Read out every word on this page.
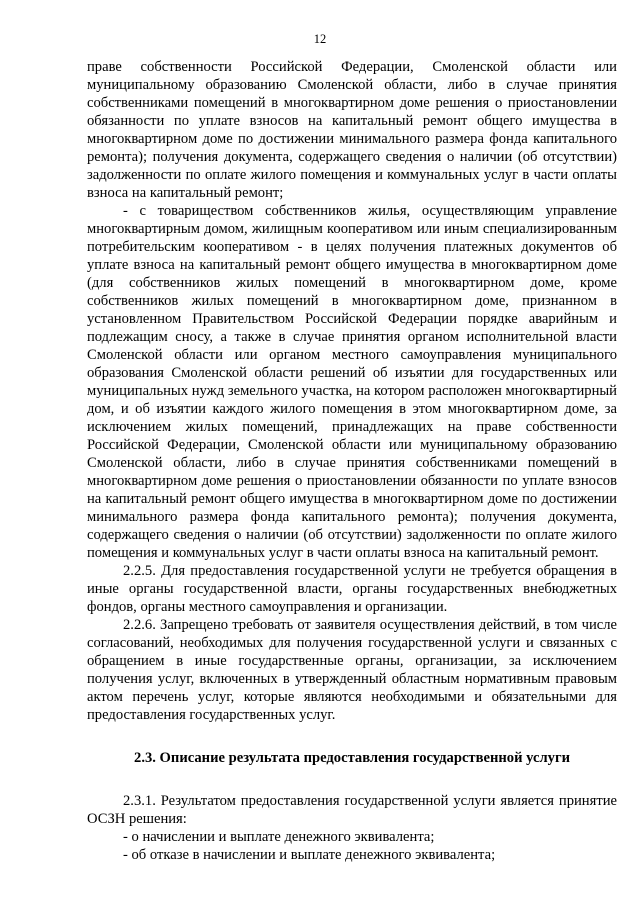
12

праве собственности Российской Федерации, Смоленской области или муниципальному образованию Смоленской области, либо в случае принятия собственниками помещений в многоквартирном доме решения о приостановлении обязанности по уплате взносов на капитальный ремонт общего имущества в многоквартирном доме по достижении минимального размера фонда капитального ремонта); получения документа, содержащего сведения о наличии (об отсутствии) задолженности по оплате жилого помещения и коммунальных услуг в части оплаты взноса на капитальный ремонт;

- с товариществом собственников жилья, осуществляющим управление многоквартирным домом, жилищным кооперативом или иным специализированным потребительским кооперативом - в целях получения платежных документов об уплате взноса на капитальный ремонт общего имущества в многоквартирном доме (для собственников жилых помещений в многоквартирном доме, кроме собственников жилых помещений в многоквартирном доме, признанном в установленном Правительством Российской Федерации порядке аварийным и подлежащим сносу, а также в случае принятия органом исполнительной власти Смоленской области или органом местного самоуправления муниципального образования Смоленской области решений об изъятии для государственных или муниципальных нужд земельного участка, на котором расположен многоквартирный дом, и об изъятии каждого жилого помещения в этом многоквартирном доме, за исключением жилых помещений, принадлежащих на праве собственности Российской Федерации, Смоленской области или муниципальному образованию Смоленской области, либо в случае принятия собственниками помещений в многоквартирном доме решения о приостановлении обязанности по уплате взносов на капитальный ремонт общего имущества в многоквартирном доме по достижении минимального размера фонда капитального ремонта); получения документа, содержащего сведения о наличии (об отсутствии) задолженности по оплате жилого помещения и коммунальных услуг в части оплаты взноса на капитальный ремонт.

2.2.5. Для предоставления государственной услуги не требуется обращения в иные органы государственной власти, органы государственных внебюджетных фондов, органы местного самоуправления и организации.

2.2.6. Запрещено требовать от заявителя осуществления действий, в том числе согласований, необходимых для получения государственной услуги и связанных с обращением в иные государственные органы, организации, за исключением получения услуг, включенных в утвержденный областным нормативным правовым актом перечень услуг, которые являются необходимыми и обязательными для предоставления государственных услуг.

2.3. Описание результата предоставления государственной услуги

2.3.1. Результатом предоставления государственной услуги является принятие ОСЗН решения:

- о начислении и выплате денежного эквивалента;

- об отказе в начислении и выплате денежного эквивалента;
